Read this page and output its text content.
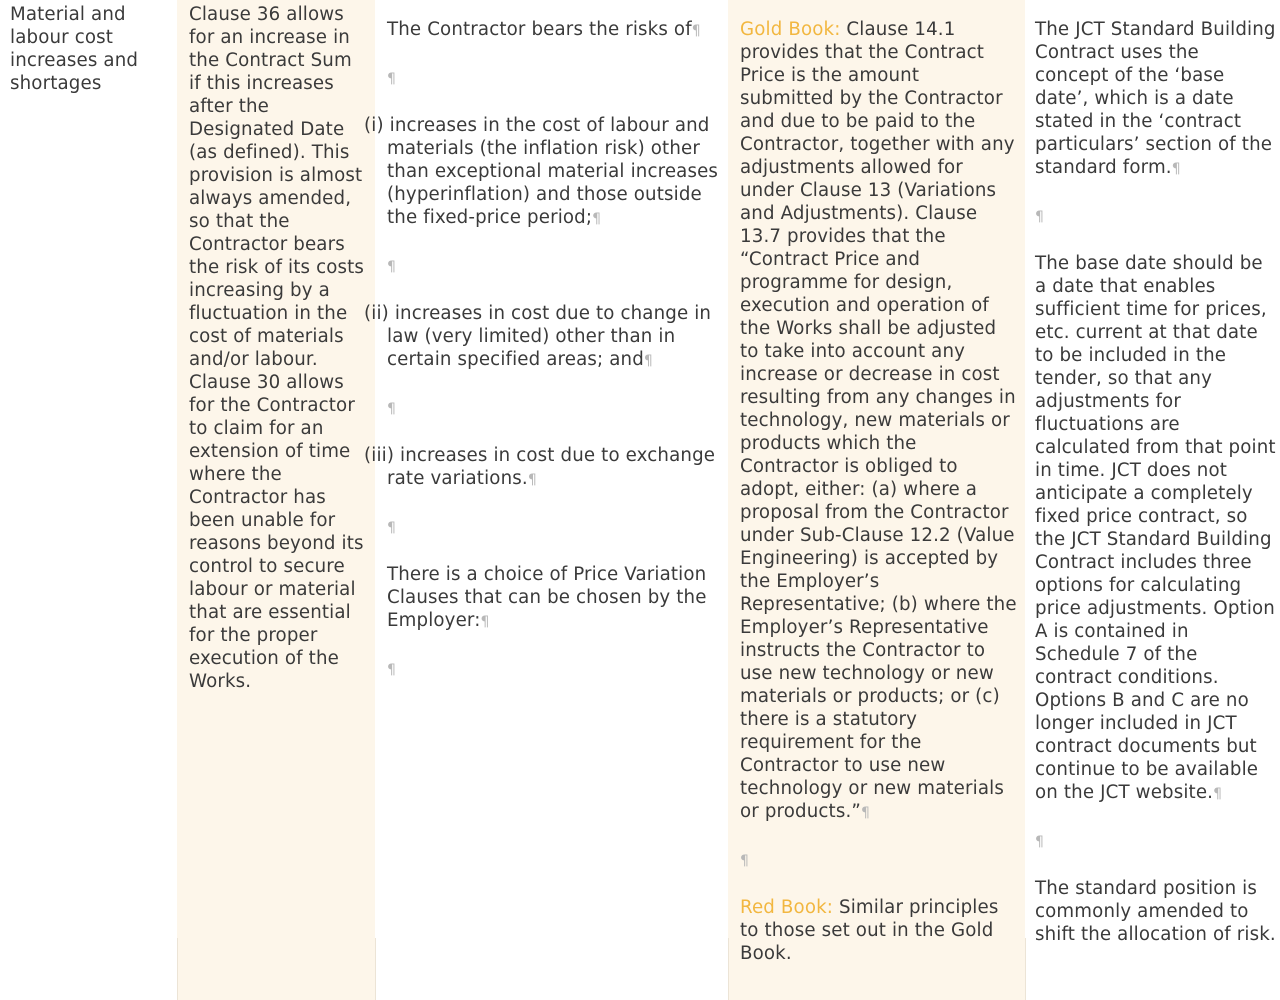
Material and labour cost increases and shortages

Clause 36 allows for an increase in the Contract Sum if this increases after the Designated Date (as defined). This provision is almost always amended, so that the Contractor bears the risk of its costs increasing by a fluctuation in the cost of materials and/or labour. Clause 30 allows for the Contractor to claim for an extension of time where the Contractor has been unable for reasons beyond its control to secure labour or material that are essential for the proper execution of the Works.

The Contractor bears the risks of¶

¶

(i) increases in the cost of labour and materials (the inflation risk) other than exceptional material increases (hyperinflation) and those outside the fixed-price period;¶

¶

(ii) increases in cost due to change in law (very limited) other than in certain specified areas; and¶

¶

(iii) increases in cost due to exchange rate variations.¶

¶

There is a choice of Price Variation Clauses that can be chosen by the Employer:¶

¶

Gold Book: Clause 14.1 provides that the Contract Price is the amount submitted by the Contractor and due to be paid to the Contractor, together with any adjustments allowed for under Clause 13 (Variations and Adjustments). Clause 13.7 provides that the “Contract Price and programme for design, execution and operation of the Works shall be adjusted to take into account any increase or decrease in cost resulting from any changes in technology, new materials or products which the Contractor is obliged to adopt, either: (a) where a proposal from the Contractor under Sub-Clause 12.2 (Value Engineering) is accepted by the Employer’s Representative; (b) where the Employer’s Representative instructs the Contractor to use new technology or new materials or products; or (c) there is a statutory requirement for the Contractor to use new technology or new materials or products.”¶

¶

Red Book: Similar principles to those set out in the Gold Book.

The JCT Standard Building Contract uses the concept of the ‘base date’, which is a date stated in the ‘contract particulars’ section of the standard form.¶

¶

The base date should be a date that enables sufficient time for prices, etc. current at that date to be included in the tender, so that any adjustments for fluctuations are calculated from that point in time. JCT does not anticipate a completely fixed price contract, so the JCT Standard Building Contract includes three options for calculating price adjustments. Option A is contained in Schedule 7 of the contract conditions. Options B and C are no longer included in JCT contract documents but continue to be available on the JCT website.¶

¶

The standard position is commonly amended to shift the allocation of risk.
